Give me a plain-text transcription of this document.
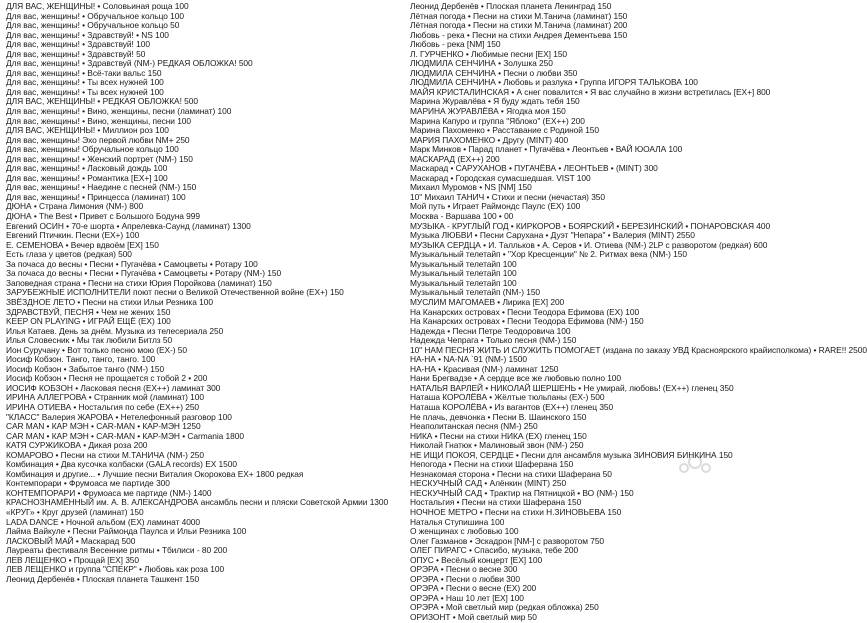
ДЛЯ ВАС, ЖЕНЩИНЫ! • Соловьиная роща 100
Для вас, женщины! • Обручальное кольцо 100
Для вас, женщины! • Обручальное кольцо 50
Для вас, женщины! • Здравствуй! • NS 100
Для вас, женщины! • Здравствуй! 100
Для вас, женщины! • Здравствуй! 50
Для вас, женщины! • Здравствуй (NM-) РЕДКАЯ ОБЛОЖКА! 500
Для вас, женщины! • Всё-таки вальс 150
Для вас, женщины! • Ты всех нужней 100
Для вас, женщины! • Ты всех нужней 100
ДЛЯ ВАС, ЖЕНЩИНЫ! • РЕДКАЯ ОБЛОЖКА! 500
Для вас, женщины! • Вино, женщины, песни (ламинат) 100
Для вас, женщины! • Вино, женщины, песни 100
ДЛЯ ВАС, ЖЕНЩИНЫ! • Миллион роз 100
Для вас, женщины! Эхо первой любви NM+ 250
Для вас, женщины! Обручальное кольцо 100
Для вас, женщины! • Женский портрет (NM-) 150
Для вас, женщины! • Ласковый дождь 100
Для вас, женщины! • Романтика [EX+] 100
Для вас, женщины! • Наедине с песней (NM-) 150
Для вас, женщины! • Принцесса (ламинат) 100
ДЮНА • Страна Лимония (NM-) 800
ДЮНА • The Best • Привет с Большого Бодуна 999
Евгений ОСИН • 70-е шорта • Апрелевка-Саунд (ламинат) 1300
Евгений Птичкин. Песни (EX+) 100
Е. СЕМЕНОВА • Вечер вдвоём [EX] 150
Есть глаза у цветов (редкая) 500
За почаса до весны • Песни • Пугачёва • Самоцветы • Ротару 100
За почаса до весны • Песни • Пугачёва • Самоцветы • Ротару (NM-) 150
Заповедная страна • Песни на стихи Юрия Поройкова (ламинат) 150
ЗАРУБЕЖНЫЕ ИСПОЛНИТЕЛИ поют песни о Великой Отечественной войне (EX+) 150
ЗВЁЗДНОЕ ЛЕТО • Песни на стихи Ильи Резника 100
ЗДРАВСТВУЙ, ПЕСНЯ • Чем не жених 150
KEEP ON PLAYING • ИГРАЙ ЕЩЁ (EX) 100
Илья Катаев. День за днём. Музыка из телесериала 250
Илья Словесник • Мы так любили Битлз 50
Ион Суручану • Вот только песню мою (EX-) 50
Иосиф Кобзон. Танго, танго, танго. 100
Иосиф Кобзон • Забытое танго (NM-) 150
Иосиф Кобзон • Песня не прощается с тобой 2 • 200
ИОСИФ КОБЗОН • Ласковая песня (EX++) ламинат 300
ИРИНА АЛЛЕГРОВА • Странник мой (ламинат) 100
ИРИНА ОТИЕВА • Ностальгия по себе (EX++) 250
"КЛАСС" Валерия ЖАРОВА • Нетелефонный разговор 100
CAR MAN • КАР МЭН • CAR-MAN • КАР-МЭН 1250
CAR MAN • КАР МЭН • CAR-MAN • КАР-МЭН • Carmania 1800
КАТЯ СУРЖИКОВА • Дикая роза 200
КОМАРОВО • Песни на стихи М.ТАНИЧА (NM-) 250
Комбинация • Два кусочка колбаски (GALA records) EX 1500
Комбинация и другие... • Лучшие песни Виталия Окорокова EX+ 1800 редкая
Контемпорари • Фрумоаса ме партиде 300
КОНТЕМПОРАРИ • Фрумоаса ме партиде (NM-) 1400
КРАСНОЗНАМЁННЫЙ им. А. В. АЛЕКСАНДРОВА ансамбль песни и пляски Советской Армии 1300
«КРУГ» • Круг друзей (ламинат) 150
LADA DANCE • Ночной альбом (EX) ламинат 4000
Лайма Вайкуле • Песни Раймонда Паулса и Ильи Резника 100
ЛАСКОВЫЙ МАЙ • Маскарад 500
Лауреаты фестиваля Весенние ритмы • Тбилиси - 80 200
ЛЕВ ЛЕЩЕНКО • Прощай [EX] 350
ЛЕВ ЛЕЩЕНКО и группа "СПЕКР" • Любовь как роза 100
Леонид Дербенёв • Плоская планета Ташкент 150
Леонид Дербенёв • Плоская планета Ленинград 150
Лётная погода • Песни на стихи М.Танича (ламинат) 150
Лётная погода • Песни на стихи М.Танича (ламинат) 200
Любовь - река • Песни на стихи Андрея Дементьева 150
Любовь - река [NM] 150
Л. ГУРЧЕНКО • Любимые песни [EX] 150
ЛЮДМИЛА СЕНЧИНА • Золушка 250
ЛЮДМИЛА СЕНЧИНА • Песни о любви 350
ЛЮДМИЛА СЕНЧИНА • Любовь и разлука • Группа ИГОРЯ ТАЛЬКОВА 100
МАЙЯ КРИСТАЛИНСКАЯ • А снег повалится • Я вас случайно в жизни встретилась [EX+] 800
Марина Журавлёва • Я буду ждать тебя 150
МАРИНА ЖУРАВЛЁВА • Ягодка моя 150
Марина Капуро и группа "Яблоко" (EX++) 200
Марина Пахоменко • Расставание с Родиной 150
МАРИЯ ПАХОМЕНКО • Другу (MINT) 400
Марк Минков • Парад планет • Пугачёва • Леонтьев • ВАЙ ЮОАЛА 100
МАСКАРАД (EX++) 200
Маскарад • САРУХАНОВ • ПУГАЧЁВА • ЛЕОНТЬЕВ • (MINT) 300
Маскарад • Городская сумасшедшая. VIST 100
Михаил Муромов • NS [NM] 150
10" Михаил ТАНИЧ • Стихи и песни (нечастая) 350
Мой путь • Играет Раймондс Паулс (EX) 100
Москва - Варшава 100 • 00
МУЗЫКА - КРУГЛЫЙ ГОД • КИРКОРОВ • БОЯРСКИЙ • БЕРЕЗИНСКИЙ • ПОНАРОВСКАЯ 400
Музыка ЛЮБВИ • Песни Сарухана • Дуэт "Непара" • Валерия (MINT) 2550
МУЗЫКА СЕРДЦА • И. Талльков • А. Серов • И. Отиева (NM-) 2LP с разворотом (редкая) 600
Музыкальный телетайп • "Хор Кресценции" № 2. Ритмах века (NM-) 150
Музыкальный телетайп 100
Музыкальный телетайп 100
Музыкальный телетайп 100
Музыкальный телетайп (NM-) 150
МУСЛИМ МАГОМАЕВ • Лирика [EX] 200
На Канарских островах • Песни Теодора Ефимова (EX) 100
На Канарских островах • Песни Теодора Ефимова (NM-) 150
Надежда • Песни Петре Теодоровича 100
Надежда Чепрага • Только песня (NM-) 150
10" НАМ ПЕСНЯ ЖИТЬ И СЛУЖИТЬ ПОМОГАЕТ (издана по заказу УВД Красноярского крайисполкома) • RARE!! 2500
НА-НА • NA-NA `91 (NM-) 1500
НА-НА • Красивая (NM-) ламинат 1250
Нани Брегвадзе • А сердце все же любовью полно 100
НАТАЛЬЯ ВАРЛЕЙ • НИКОЛАЙ ШЕРШЕНЬ • Не умирай, любовь! (EX++) гленец 350
Наташа КОРОЛЁВА • Жёлтые тюльпаны (EX-) 500
Наташа КОРОЛЁВА • Из вагантов (EX++) гленец 350
Не плачь, девчонка • Песни В. Шаинского 150
Неаполитанская песня (NM-) 250
НИКА • Песни на стихи НИКА (EX) гленец 150
Николай Гнатюк • Малиновый звон (NM-) 250
НЕ ИЩИ ПОКОЯ, СЕРДЦЕ • Песни для ансамбля музыка ЗИНОВИЯ БИНКИНА 150
Непогода • Песни на стихи Шаферана 150
Незнакомая сторона • Песни на стихи Шаферана 50
НЕСКУЧНЫЙ САД • Алёнкин (MINT) 250
НЕСКУЧНЫЙ САД • Трактир на Пятницкой • ВО (NM-) 150
Ностальгия • Песни на стихи Шаферана 150
НОЧНОЕ МЕТРО • Песни на стихи Н.ЗИНОВЬЕВА 150
Наталья Ступишина 100
О женщинах с любовью 100
Олег Газманов • Эскадрон [NM-] с разворотом 750
ОЛЕГ ПИРАГС • Спасибо, музыка, тебе 200
ОПУС • Весёлый концерт [EX] 100
ОРЭРА • Песни о весне 300
ОРЭРА • Песни о любви 300
ОРЭРА • Песни о весне (EX) 200
ОРЭРА • Наш 10 лет [EX] 100
ОРЭРА • Мой светлый мир (редкая обложка) 250
ОРИЗОНТ • Мой светлый мир 50
